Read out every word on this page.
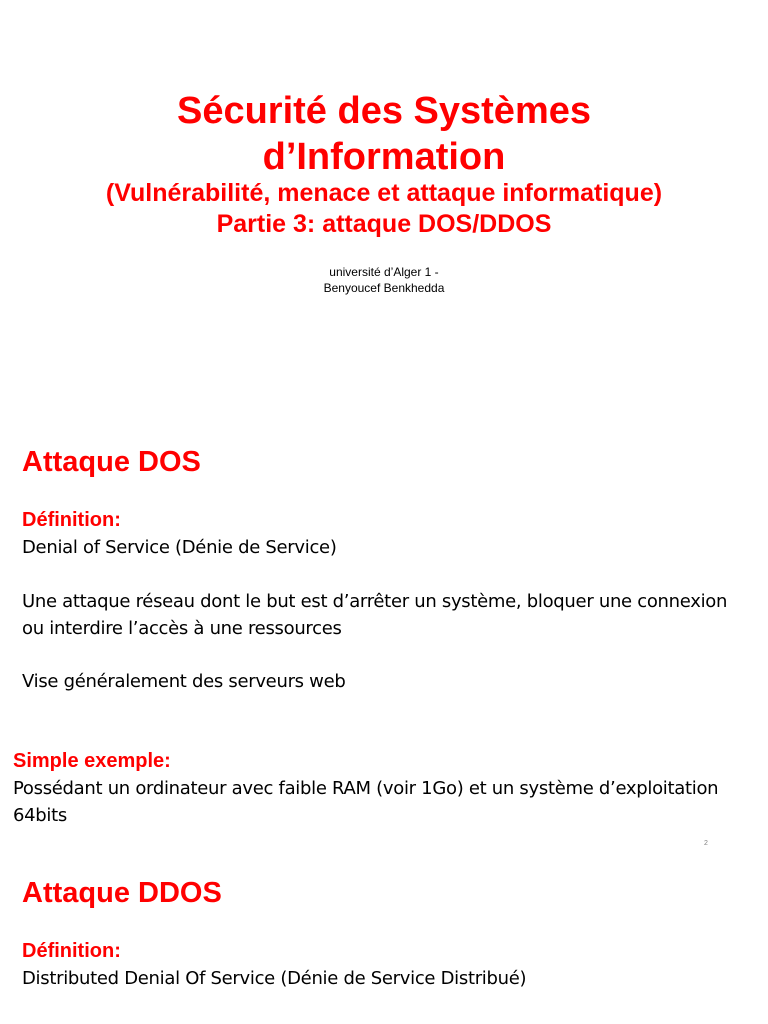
Sécurité des Systèmes
d’Information
(Vulnérabilité, menace et attaque informatique)
Partie 3: attaque DOS/DDOS
université d’Alger 1 -
Benyoucef Benkhedda
Attaque DOS
Définition:
Denial of Service (Dénie de Service)
Une attaque réseau dont le but est d’arrêter un système, bloquer une connexion
ou interdire l’accès à une ressources
Vise généralement des serveurs web
Simple exemple:
Possédant un ordinateur avec faible RAM (voir 1Go) et un système d’exploitation
64bits
2
Attaque DDOS
Définition:
Distributed Denial Of Service (Dénie de Service Distribué)
